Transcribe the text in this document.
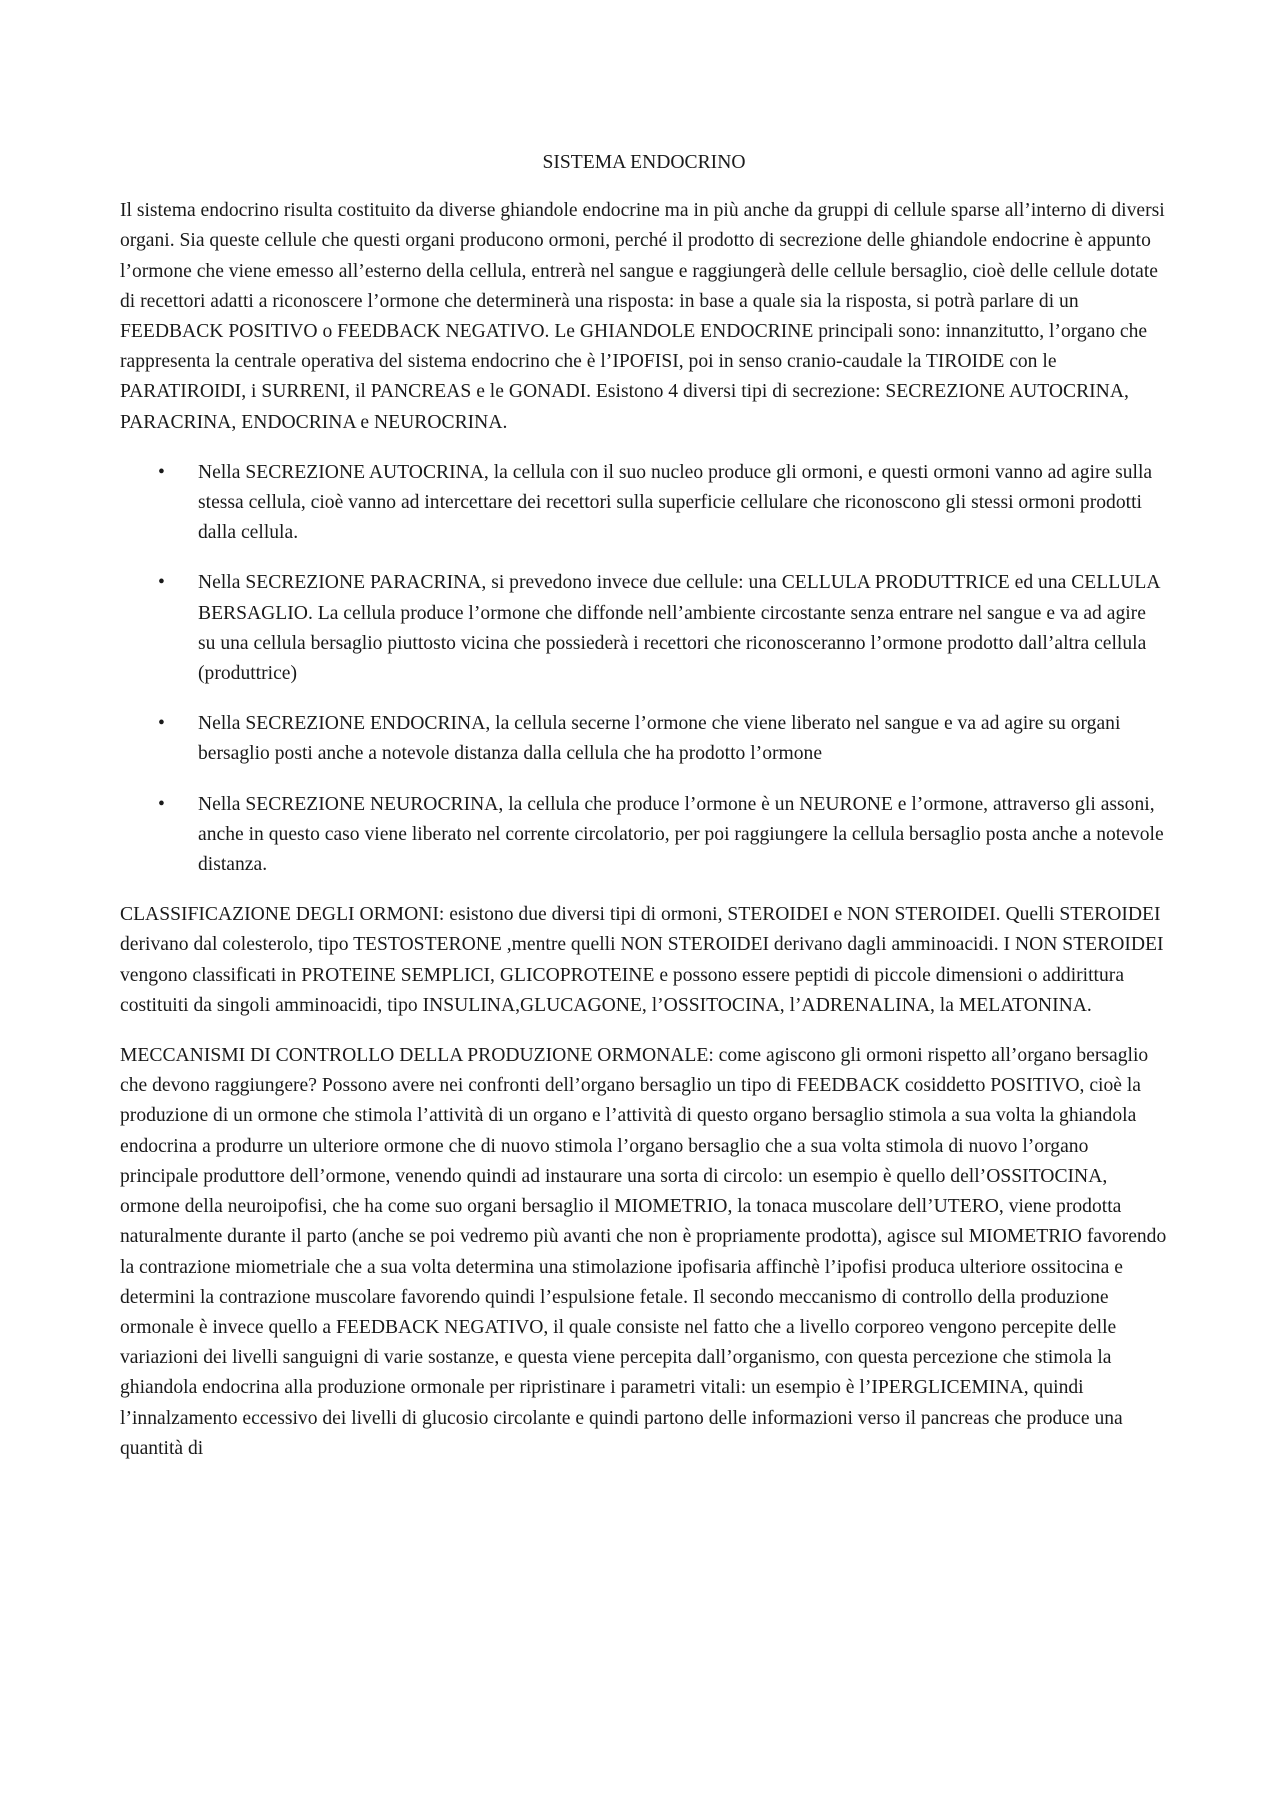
SISTEMA ENDOCRINO

Il sistema endocrino risulta costituito da diverse ghiandole endocrine ma in più anche da gruppi di cellule sparse all’interno di diversi organi. Sia queste cellule che questi organi producono ormoni, perché il prodotto di secrezione delle ghiandole endocrine è appunto l’ormone che viene emesso all’esterno della cellula, entrerà nel sangue e raggiungerà delle cellule bersaglio, cioè delle cellule dotate di recettori adatti a riconoscere l’ormone che determinerà una risposta: in base a quale sia la risposta, si potrà parlare di un FEEDBACK POSITIVO o FEEDBACK NEGATIVO. Le GHIANDOLE ENDOCRINE principali sono: innanzitutto, l’organo che rappresenta la centrale operativa del sistema endocrino che è l’IPOFISI, poi in senso cranio-caudale la TIROIDE con le PARATIROIDI, i SURRENI, il PANCREAS e le GONADI. Esistono 4 diversi tipi di secrezione: SECREZIONE AUTOCRINA, PARACRINA, ENDOCRINA e NEUROCRINA.

• Nella SECREZIONE AUTOCRINA, la cellula con il suo nucleo produce gli ormoni, e questi ormoni vanno ad agire sulla stessa cellula, cioè vanno ad intercettare dei recettori sulla superficie cellulare che riconoscono gli stessi ormoni prodotti dalla cellula.
• Nella SECREZIONE PARACRINA, si prevedono invece due cellule: una CELLULA PRODUTTRICE ed una CELLULA BERSAGLIO. La cellula produce l’ormone che diffonde nell’ambiente circostante senza entrare nel sangue e va ad agire su una cellula bersaglio piuttosto vicina che possiederà i recettori che riconosceranno l’ormone prodotto dall’altra cellula (produttrice)
• Nella SECREZIONE ENDOCRINA, la cellula secerne l’ormone che viene liberato nel sangue e va ad agire su organi bersaglio posti anche a notevole distanza dalla cellula che ha prodotto l’ormone
• Nella SECREZIONE NEUROCRINA, la cellula che produce l’ormone è un NEURONE e l’ormone, attraverso gli assoni, anche in questo caso viene liberato nel corrente circolatorio, per poi raggiungere la cellula bersaglio posta anche a notevole distanza.

CLASSIFICAZIONE DEGLI ORMONI: esistono due diversi tipi di ormoni, STEROIDEI e NON STEROIDEI. Quelli STEROIDEI derivano dal colesterolo, tipo TESTOSTERONE ,mentre quelli NON STEROIDEI derivano dagli amminoacidi. I NON STEROIDEI vengono classificati in PROTEINE SEMPLICI, GLICOPROTEINE e possono essere peptidi di piccole dimensioni o addirittura costituiti da singoli amminoacidi, tipo INSULINA,GLUCAGONE, l’OSSITOCINA, l’ADRENALINA, la MELATONINA.

MECCANISMI DI CONTROLLO DELLA PRODUZIONE ORMONALE: come agiscono gli ormoni rispetto all’organo bersaglio che devono raggiungere? Possono avere nei confronti dell’organo bersaglio un tipo di FEEDBACK cosiddetto POSITIVO, cioè la produzione di un ormone che stimola l’attività di un organo e l’attività di questo organo bersaglio stimola a sua volta la ghiandola endocrina a produrre un ulteriore ormone che di nuovo stimola l’organo bersaglio che a sua volta stimola di nuovo l’organo principale produttore dell’ormone, venendo quindi ad instaurare una sorta di circolo: un esempio è quello dell’OSSITOCINA, ormone della neuroipofisi, che ha come suo organi bersaglio il MIOMETRIO, la tonaca muscolare dell’UTERO, viene prodotta naturalmente durante il parto (anche se poi vedremo più avanti che non è propriamente prodotta), agisce sul MIOMETRIO favorendo la contrazione miometriale che a sua volta determina una stimolazione ipofisaria affinchè l’ipofisi produca ulteriore ossitocina e determini la contrazione muscolare favorendo quindi l’espulsione fetale. Il secondo meccanismo di controllo della produzione ormonale è invece quello a FEEDBACK NEGATIVO, il quale consiste nel fatto che a livello corporeo vengono percepite delle variazioni dei livelli sanguigni di varie sostanze, e questa viene percepita dall’organismo, con questa percezione che stimola la ghiandola endocrina alla produzione ormonale per ripristinare i parametri vitali: un esempio è l’IPERGLICEMINA, quindi l’innalzamento eccessivo dei livelli di glucosio circolante e quindi partono delle informazioni verso il pancreas che produce una quantità di
